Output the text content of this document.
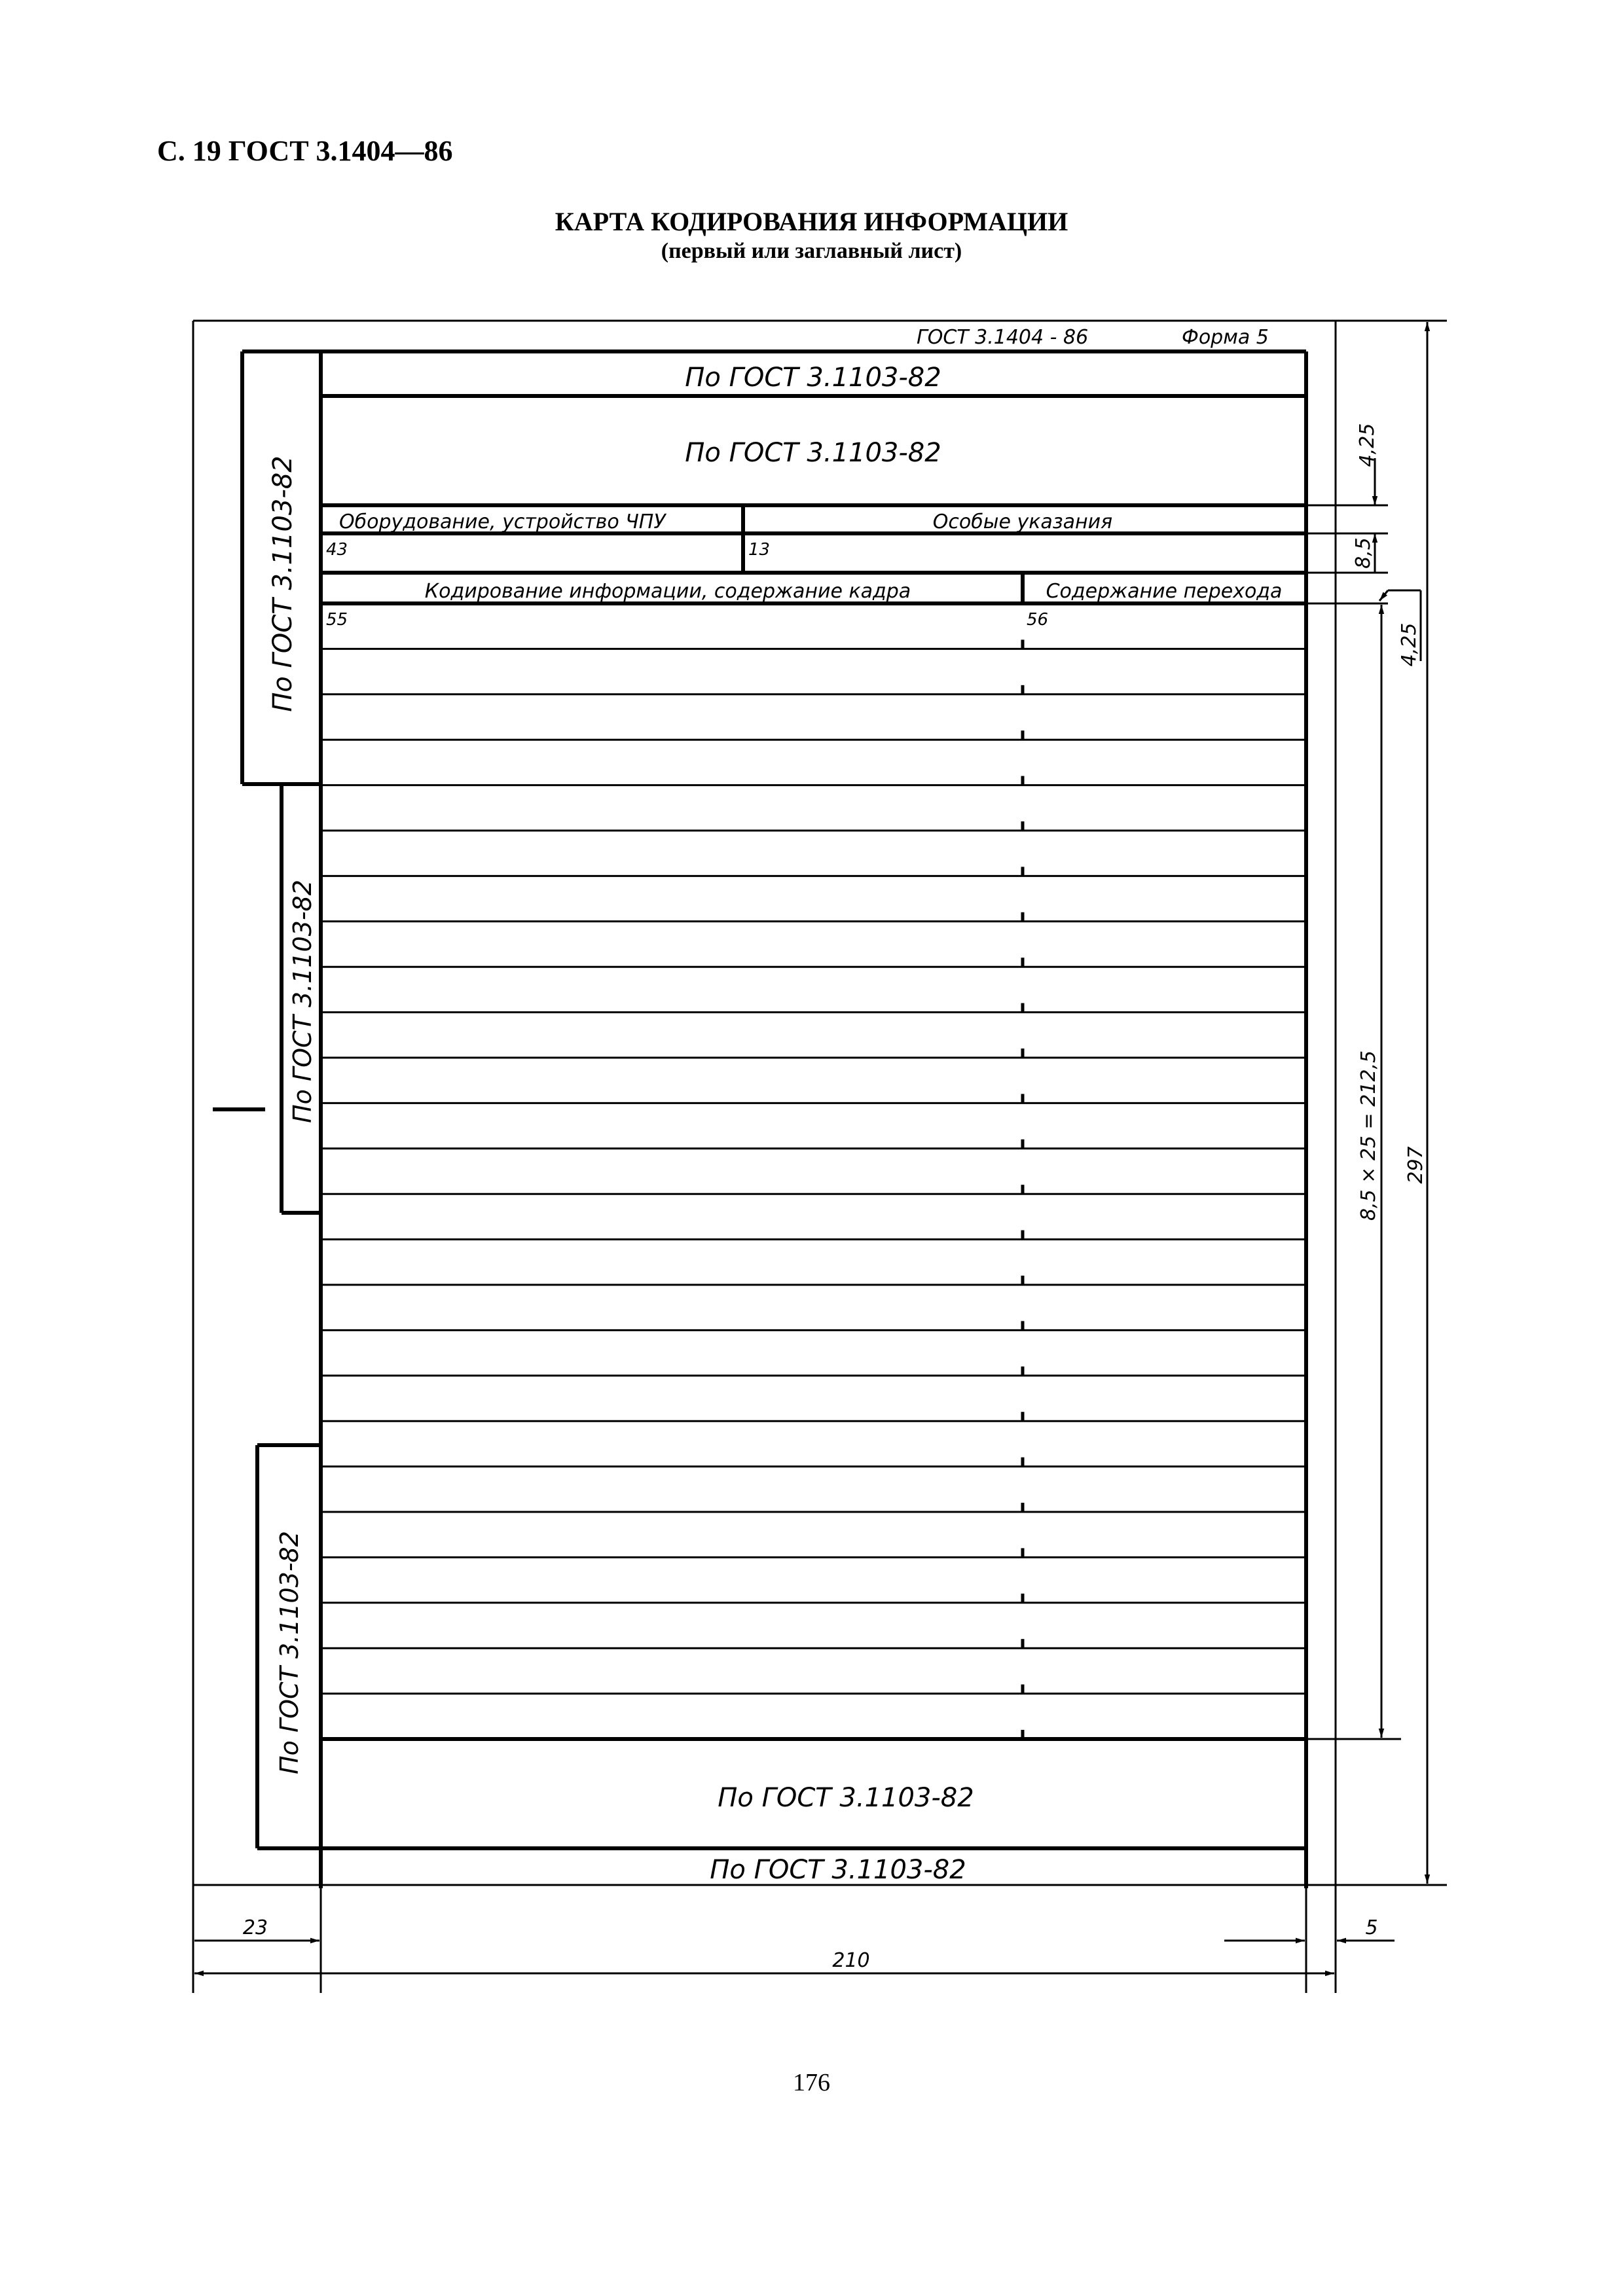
С. 19 ГОСТ 3.1404—86
КАРТА КОДИРОВАНИЯ ИНФОРМАЦИИ
(первый или заглавный лист)
ГОСТ 3.1404 - 86	Форма 5
По ГОСТ 3.1103-82
По ГОСТ 3.1103-82
Оборудование, устройство ЧПУ	Особые указания
43	13
Кодирование информации, содержание кадра	Содержание перехода
55	56
По ГОСТ 3.1103-82
По ГОСТ 3.1103-82
По ГОСТ 3.1103-82
По ГОСТ 3.1103-82
По ГОСТ 3.1103-82
4,25
8,5
4,25
8,5 × 25 = 212,5 297
23
210
5
176
